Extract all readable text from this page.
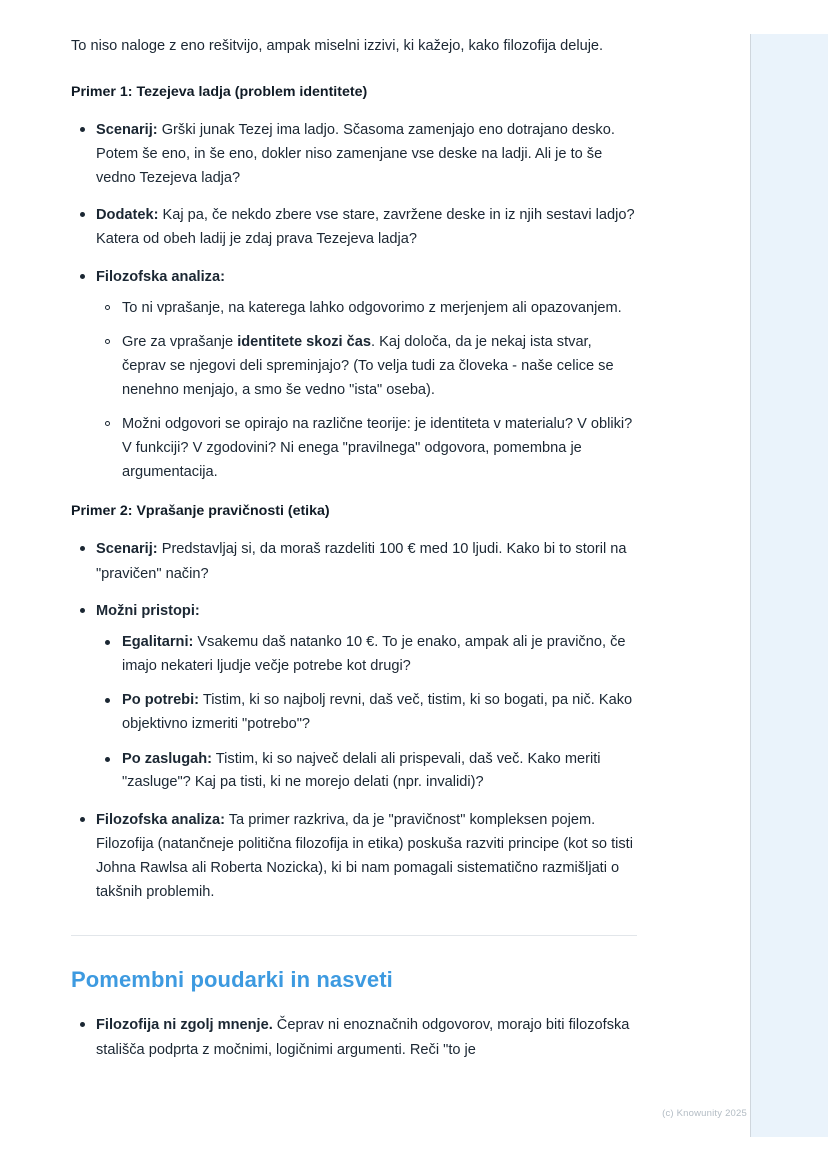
To niso naloge z eno rešitvijo, ampak miselni izzivi, ki kažejo, kako filozofija deluje.

Primer 1: Tezejeva ladja (problem identitete)
Scenarij: Grški junak Tezej ima ladjo. Sčasoma zamenjajo eno dotrajano desko. Potem še eno, in še eno, dokler niso zamenjane vse deske na ladji. Ali je to še vedno Tezejeva ladja?
Dodatek: Kaj pa, če nekdo zbere vse stare, zavržene deske in iz njih sestavi ladjo? Katera od obeh ladij je zdaj prava Tezejeva ladja?
Filozofska analiza:
To ni vprašanje, na katerega lahko odgovorimo z merjenjem ali opazovanjem.
Gre za vprašanje identitete skozi čas. Kaj določa, da je nekaj ista stvar, čeprav se njegovi deli spreminjajo? (To velja tudi za človeka - naše celice se nenehno menjajo, a smo še vedno "ista" oseba).
Možni odgovori se opirajo na različne teorije: je identiteta v materialu? V obliki? V funkciji? V zgodovini? Ni enega "pravilnega" odgovora, pomembna je argumentacija.
Primer 2: Vprašanje pravičnosti (etika)
Scenarij: Predstavljaj si, da moraš razdeliti 100 € med 10 ljudi. Kako bi to storil na "pravičen" način?
Možni pristopi:
Egalitarni: Vsakemu daš natanko 10 €. To je enako, ampak ali je pravično, če imajo nekateri ljudje večje potrebe kot drugi?
Po potrebi: Tistim, ki so najbolj revni, daš več, tistim, ki so bogati, pa nič. Kako objektivno izmeriti "potrebo"?
Po zaslugah: Tistim, ki so največ delali ali prispevali, daš več. Kako meriti "zasluge"? Kaj pa tisti, ki ne morejo delati (npr. invalidi)?
Filozofska analiza: Ta primer razkriva, da je "pravičnost" kompleksen pojem. Filozofija (natančneje politična filozofija in etika) poskuša razviti principe (kot so tisti Johna Rawlsa ali Roberta Nozicka), ki bi nam pomagali sistematično razmišljati o takšnih problemih.
Pomembni poudarki in nasveti
Filozofija ni zgolj mnenje. Čeprav ni enoznačnih odgovorov, morajo biti filozofska stališča podprta z močnimi, logičnimi argumenti. Reči "to je
(c) Knowunity 2025
